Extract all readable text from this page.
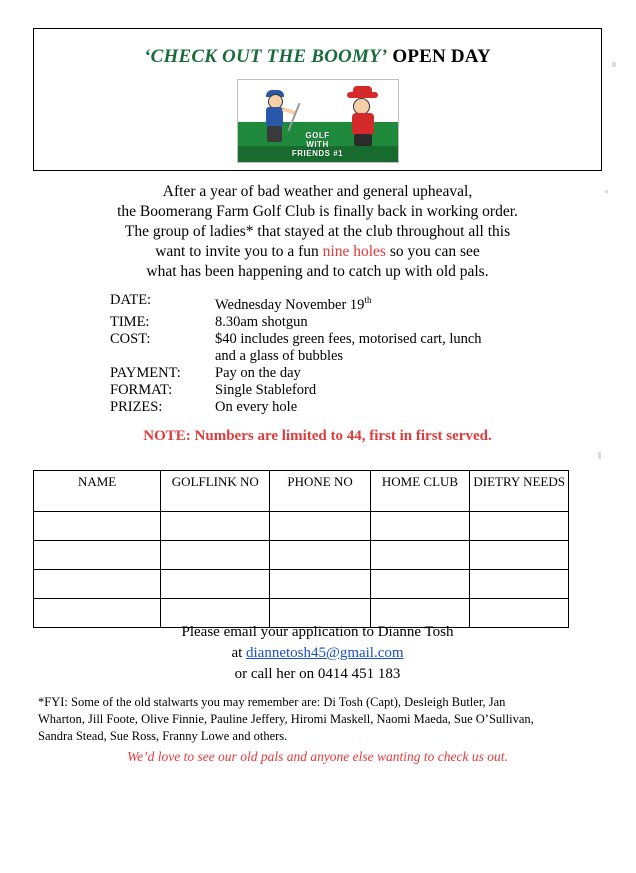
‘CHECK OUT THE BOOMY’ OPEN DAY
GOLF
WITH
FRIENDS #1
After a year of bad weather and general upheaval,
the Boomerang Farm Golf Club is finally back in working order.
The group of ladies* that stayed at the club throughout all this
want to invite you to a fun nine holes so you can see
what has been happening and to catch up with old pals.
DATE:	Wednesday November 19th
TIME:	8.30am shotgun
COST:	$40 includes green fees, motorised cart, lunch
and a glass of bubbles
PAYMENT:	Pay on the day
FORMAT:	Single Stableford
PRIZES:	On every hole
NOTE: Numbers are limited to 44, first in first served.
NAME	GOLFLINK NO	PHONE NO	HOME CLUB	DIETRY NEEDS

Please email your application to Dianne Tosh
at diannetosh45@gmail.com
or call her on 0414 451 183
*FYI: Some of the old stalwarts you may remember are: Di Tosh (Capt), Desleigh Butler, Jan
Wharton, Jill Foote, Olive Finnie, Pauline Jeffery, Hiromi Maskell, Naomi Maeda, Sue O’Sullivan,
Sandra Stead, Sue Ross, Franny Lowe and others.
We’d love to see our old pals and anyone else wanting to check us out.
